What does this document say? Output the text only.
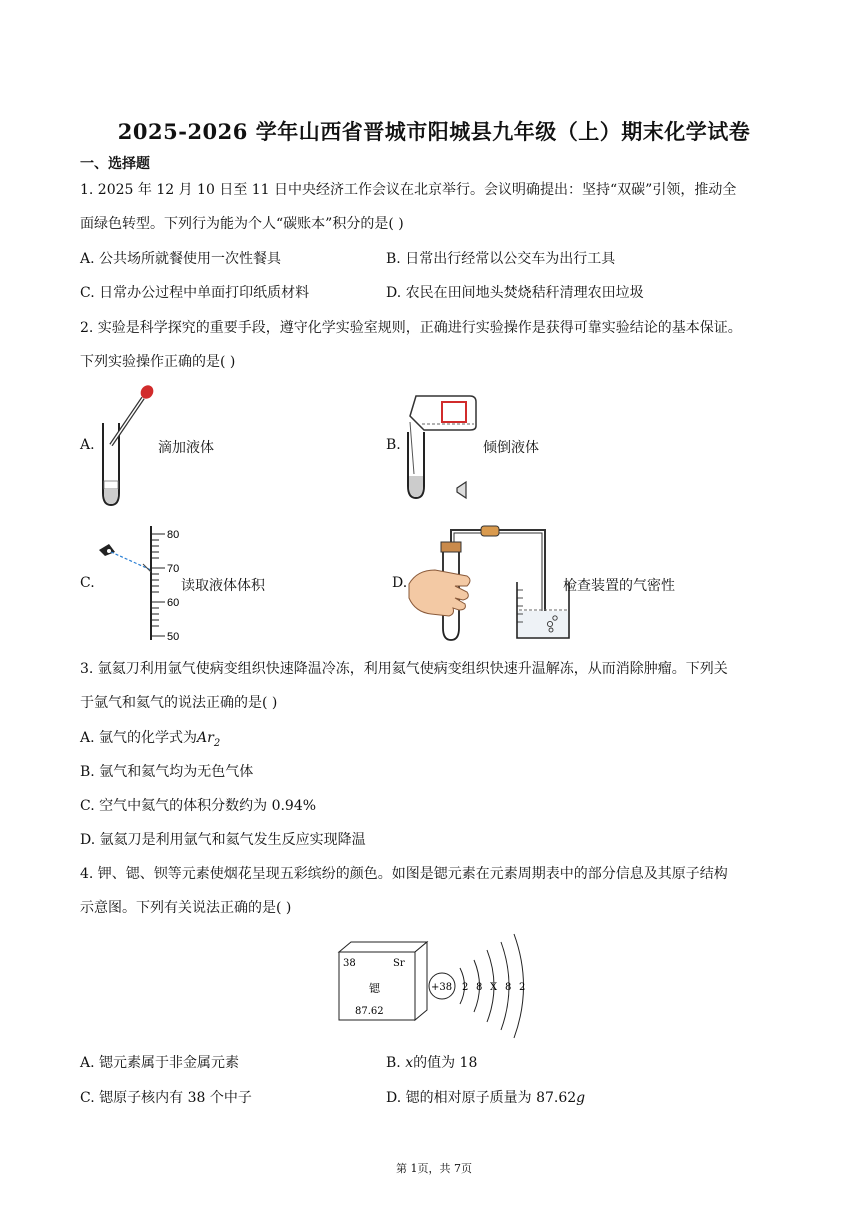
2025-2026 学年山西省晋城市阳城县九年级（上）期末化学试卷
一、选择题
1. 2025 年 12 月 10 日至 11 日中央经济工作会议在北京举行。会议明确提出：坚持“双碳”引领，推动全
面绿色转型。下列行为能为个人“碳账本”积分的是( )
A. 公共场所就餐使用一次性餐具	B. 日常出行经常以公交车为出行工具
C. 日常办公过程中单面打印纸质材料	D. 农民在田间地头焚烧秸秆清理农田垃圾
2. 实验是科学探究的重要手段，遵守化学实验室规则，正确进行实验操作是获得可靠实验结论的基本保证。
下列实验操作正确的是( )
A.	滴加液体	B.	倾倒液体
C.
80
70
60
50
读取液体体积	D.	检查装置的气密性
3. 氩氦刀利用氩气使病变组织快速降温冷冻，利用氦气使病变组织快速升温解冻，从而消除肿瘤。下列关
于氩气和氦气的说法正确的是( )
A. 氩气的化学式为$Ar_2$
B. 氩气和氦气均为无色气体
C. 空气中氦气的体积分数约为 0.94%
D. 氩氦刀是利用氩气和氦气发生反应实现降温
4. 钾、锶、钡等元素使烟花呈现五彩缤纷的颜色。如图是锶元素在元素周期表中的部分信息及其原子结构
示意图。下列有关说法正确的是( )
38	Sr
锶
87.62
+38 2 8 X 8 2
A. 锶元素属于非金属元素	B. x的值为 18
C. 锶原子核内有 38 个中子	D. 锶的相对原子质量为 87.62g
第 1页，共 7页
